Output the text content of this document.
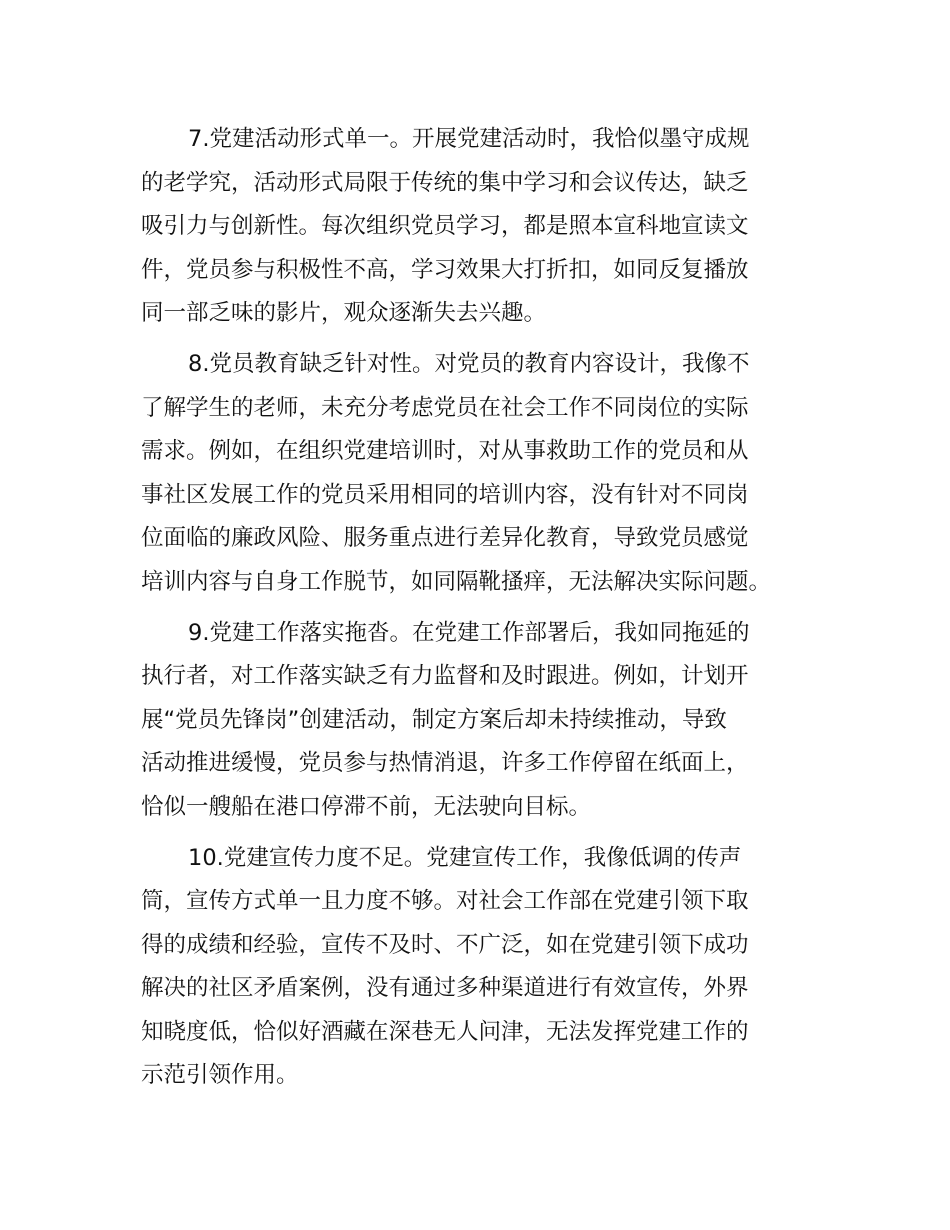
7.党建活动形式单一。开展党建活动时，我恰似墨守成规
的老学究，活动形式局限于传统的集中学习和会议传达，缺乏
吸引力与创新性。每次组织党员学习，都是照本宣科地宣读文
件，党员参与积极性不高，学习效果大打折扣，如同反复播放
同一部乏味的影片，观众逐渐失去兴趣。
8.党员教育缺乏针对性。对党员的教育内容设计，我像不
了解学生的老师，未充分考虑党员在社会工作不同岗位的实际
需求。例如，在组织党建培训时，对从事救助工作的党员和从
事社区发展工作的党员采用相同的培训内容，没有针对不同岗
位面临的廉政风险、服务重点进行差异化教育，导致党员感觉
培训内容与自身工作脱节，如同隔靴搔痒，无法解决实际问题。
9.党建工作落实拖沓。在党建工作部署后，我如同拖延的
执行者，对工作落实缺乏有力监督和及时跟进。例如，计划开
展“党员先锋岗”创建活动，制定方案后却未持续推动，导致
活动推进缓慢，党员参与热情消退，许多工作停留在纸面上，
恰似一艘船在港口停滞不前，无法驶向目标。
10.党建宣传力度不足。党建宣传工作，我像低调的传声
筒，宣传方式单一且力度不够。对社会工作部在党建引领下取
得的成绩和经验，宣传不及时、不广泛，如在党建引领下成功
解决的社区矛盾案例，没有通过多种渠道进行有效宣传，外界
知晓度低，恰似好酒藏在深巷无人问津，无法发挥党建工作的
示范引领作用。
